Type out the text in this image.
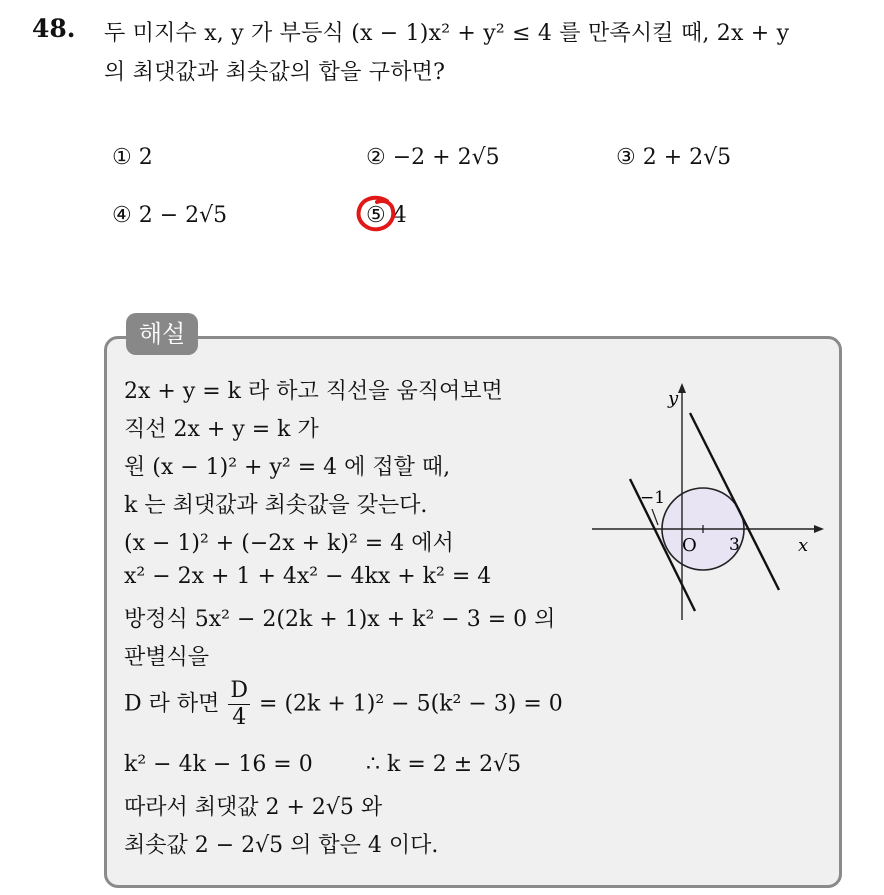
48. 두 미지수 x, y 가 부등식 (x − 1)x² + y² ≤ 4 를 만족시킬 때, 2x + y
의 최댓값과 최솟값의 합을 구하면?
① 2	② −2 + 2√5	③ 2 + 2√5
④ 2 − 2√5	⑤ 4
해설
2x + y = k 라 하고 직선을 움직여보면
직선 2x + y = k 가
원 (x − 1)² + y² = 4 에 접할 때,
k 는 최댓값과 최솟값을 갖는다.
(x − 1)² + (−2x + k)² = 4 에서
x² − 2x + 1 + 4x² − 4kx + k² = 4
방정식 5x² − 2(2k + 1)x + k² − 3 = 0 의
판별식을
D 라 하면 $\frac{D}{4} = (2k + 1)^2 - 5(k^2 - 3) = 0$
k² − 4k − 16 = 0 ∴ k = 2 ± 2√5
따라서 최댓값 2 + 2√5 와
최솟값 2 − 2√5 의 합은 4 이다.
y
x
O
−1
3
